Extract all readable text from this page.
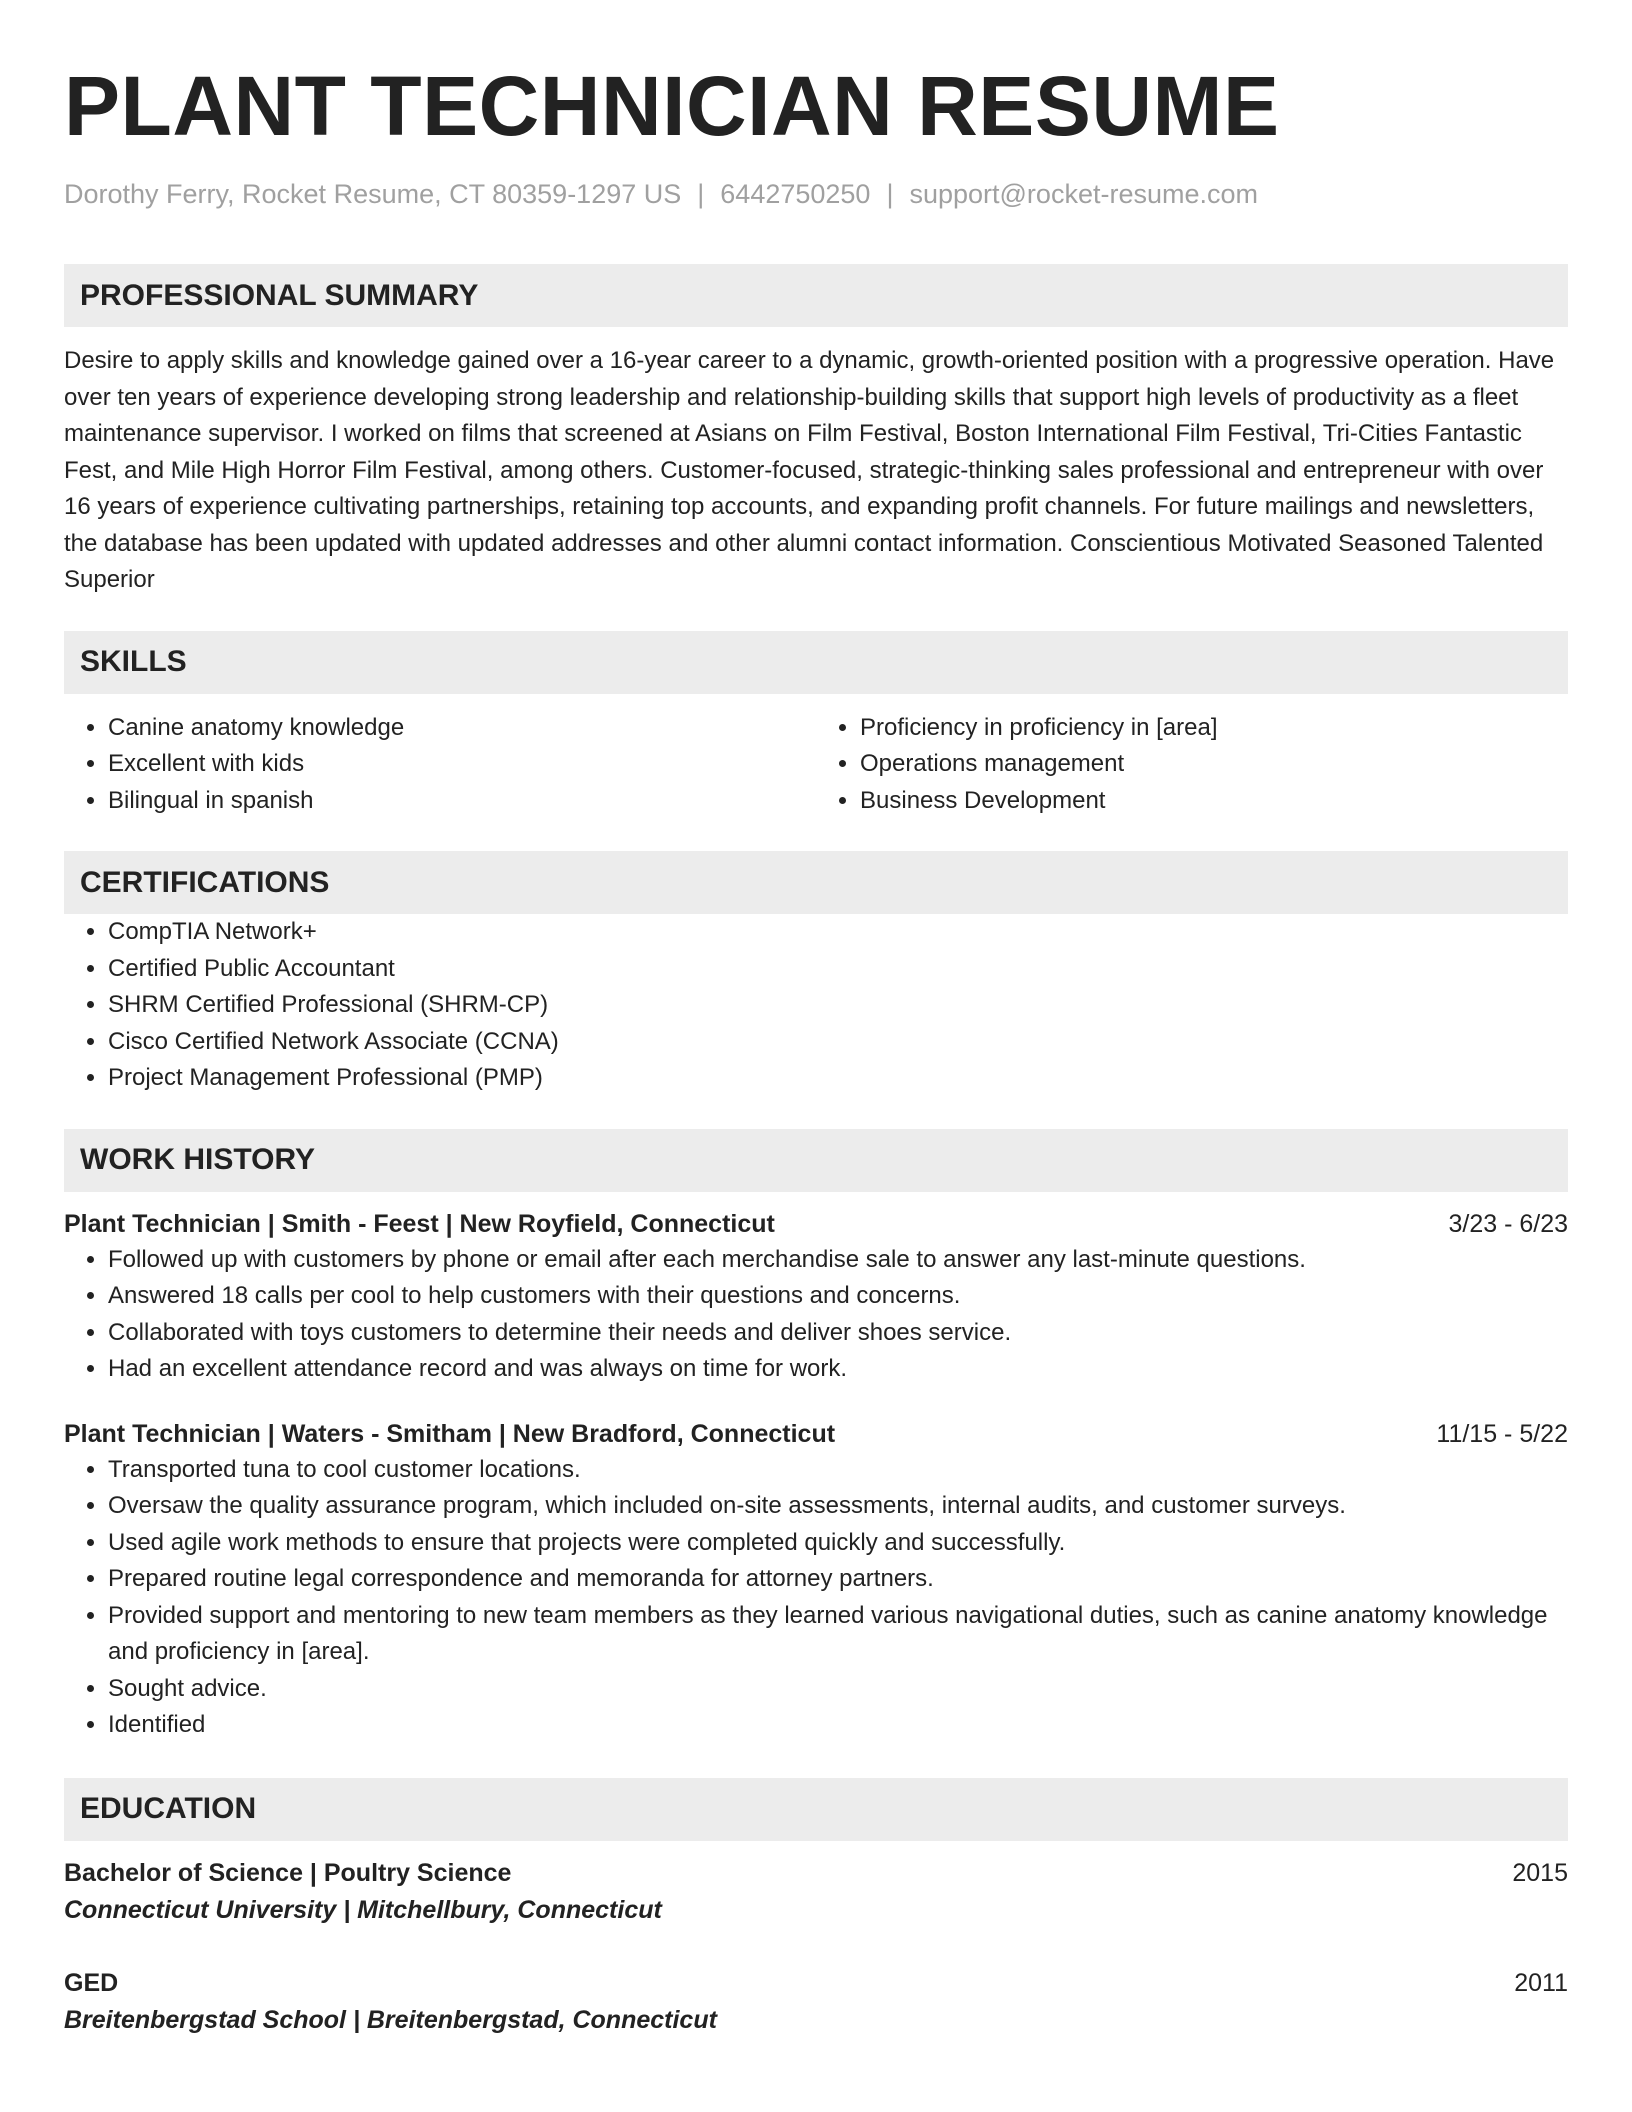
PLANT TECHNICIAN RESUME
Dorothy Ferry, Rocket Resume, CT 80359-1297 US | 6442750250 | support@rocket-resume.com
PROFESSIONAL SUMMARY
Desire to apply skills and knowledge gained over a 16-year career to a dynamic, growth-oriented position with a progressive operation. Have over ten years of experience developing strong leadership and relationship-building skills that support high levels of productivity as a fleet maintenance supervisor. I worked on films that screened at Asians on Film Festival, Boston International Film Festival, Tri-Cities Fantastic Fest, and Mile High Horror Film Festival, among others. Customer-focused, strategic-thinking sales professional and entrepreneur with over 16 years of experience cultivating partnerships, retaining top accounts, and expanding profit channels. For future mailings and newsletters, the database has been updated with updated addresses and other alumni contact information. Conscientious Motivated Seasoned Talented Superior
SKILLS
• Canine anatomy knowledge
• Excellent with kids
• Bilingual in spanish
• Proficiency in proficiency in [area]
• Operations management
• Business Development
CERTIFICATIONS
• CompTIA Network+
• Certified Public Accountant
• SHRM Certified Professional (SHRM-CP)
• Cisco Certified Network Associate (CCNA)
• Project Management Professional (PMP)
WORK HISTORY
Plant Technician | Smith - Feest | New Royfield, Connecticut	3/23 - 6/23
• Followed up with customers by phone or email after each merchandise sale to answer any last-minute questions.
• Answered 18 calls per cool to help customers with their questions and concerns.
• Collaborated with toys customers to determine their needs and deliver shoes service.
• Had an excellent attendance record and was always on time for work.
Plant Technician | Waters - Smitham | New Bradford, Connecticut	11/15 - 5/22
• Transported tuna to cool customer locations.
• Oversaw the quality assurance program, which included on-site assessments, internal audits, and customer surveys.
• Used agile work methods to ensure that projects were completed quickly and successfully.
• Prepared routine legal correspondence and memoranda for attorney partners.
• Provided support and mentoring to new team members as they learned various navigational duties, such as canine anatomy knowledge and proficiency in [area].
• Sought advice.
• Identified
EDUCATION
Bachelor of Science | Poultry Science	2015
Connecticut University | Mitchellbury, Connecticut
GED	2011
Breitenbergstad School | Breitenbergstad, Connecticut
